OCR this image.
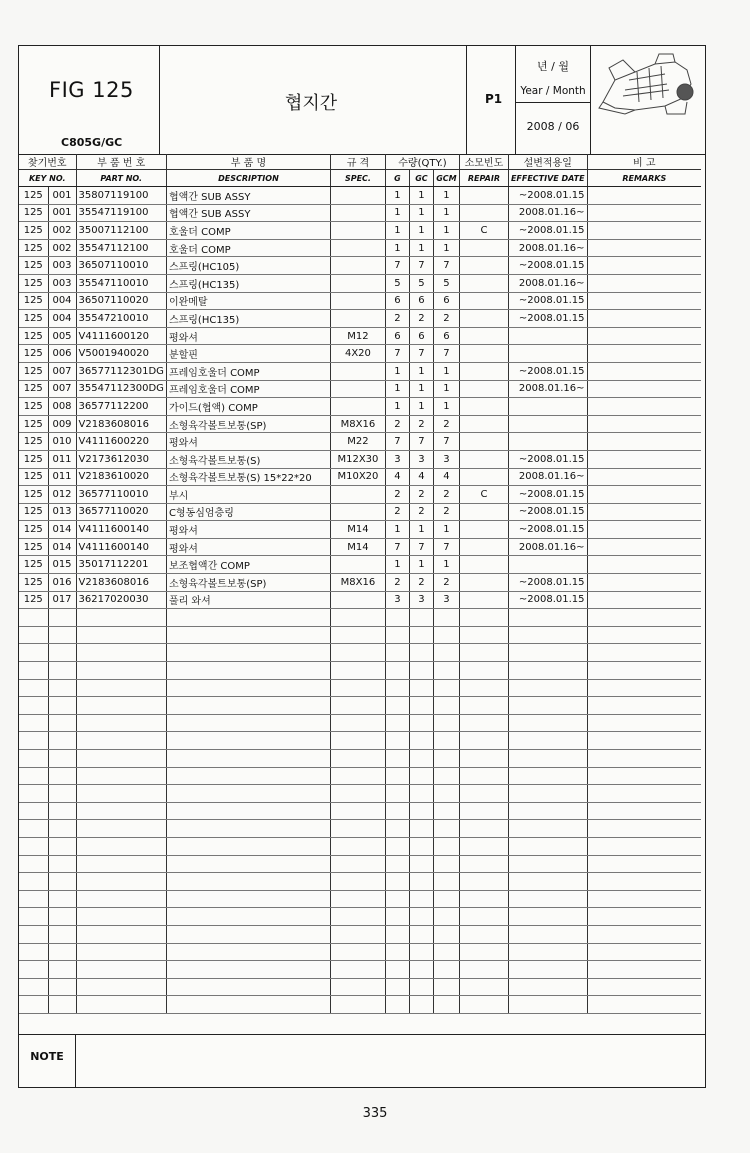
FIG 125
C805G/GC
협지간	P1
년 / 월
Year / Month
2008 / 06
찾기번호		부 품 번 호	부 품 명	규 격	수량(QTY.)			소모빈도	설변적용일	비 고
KEY NO.		PART NO.	DESCRIPTION	SPEC.	G	GC	GCM	REPAIR	EFFECTIVE DATE	REMARKS
125	001	35807119100	협액간 SUB ASSY		1	1	1		~2008.01.15	
125	001	35547119100	협액간 SUB ASSY		1	1	1		2008.01.16~	
125	002	35007112100	호울더 COMP		1	1	1	C	~2008.01.15	
125	002	35547112100	호울더 COMP		1	1	1		2008.01.16~	
125	003	36507110010	스프링(HC105)		7	7	7		~2008.01.15	
125	003	35547110010	스프링(HC135)		5	5	5		2008.01.16~	
125	004	36507110020	이완메탈		6	6	6		~2008.01.15	
125	004	35547210010	스프링(HC135)		2	2	2		~2008.01.15	
125	005	V4111600120	평와셔	M12	6	6	6			
125	006	V5001940020	분할핀	4X20	7	7	7			
125	007	36577112301DG	프레임호울더 COMP		1	1	1		~2008.01.15	
125	007	35547112300DG	프레임호울더 COMP		1	1	1		2008.01.16~	
125	008	36577112200	가이드(협액) COMP		1	1	1			
125	009	V2183608016	소형육각볼트보통(SP)	M8X16	2	2	2			
125	010	V4111600220	평와셔	M22	7	7	7			
125	011	V2173612030	소형육각볼트보통(S)	M12X30	3	3	3		~2008.01.15	
125	011	V2183610020	소형육각볼트보통(S) 15*22*20	M10X20	4	4	4		2008.01.16~	
125	012	36577110010	부시		2	2	2	C	~2008.01.15	
125	013	36577110020	C형동심엄층링		2	2	2		~2008.01.15	
125	014	V4111600140	평와셔	M14	1	1	1		~2008.01.15	
125	014	V4111600140	평와셔	M14	7	7	7		2008.01.16~	
125	015	35017112201	보조협액간 COMP		1	1	1			
125	016	V2183608016	소형육각볼트보통(SP)	M8X16	2	2	2		~2008.01.15	
125	017	36217020030	풀리 와셔		3	3	3		~2008.01.15	

NOTE
335
